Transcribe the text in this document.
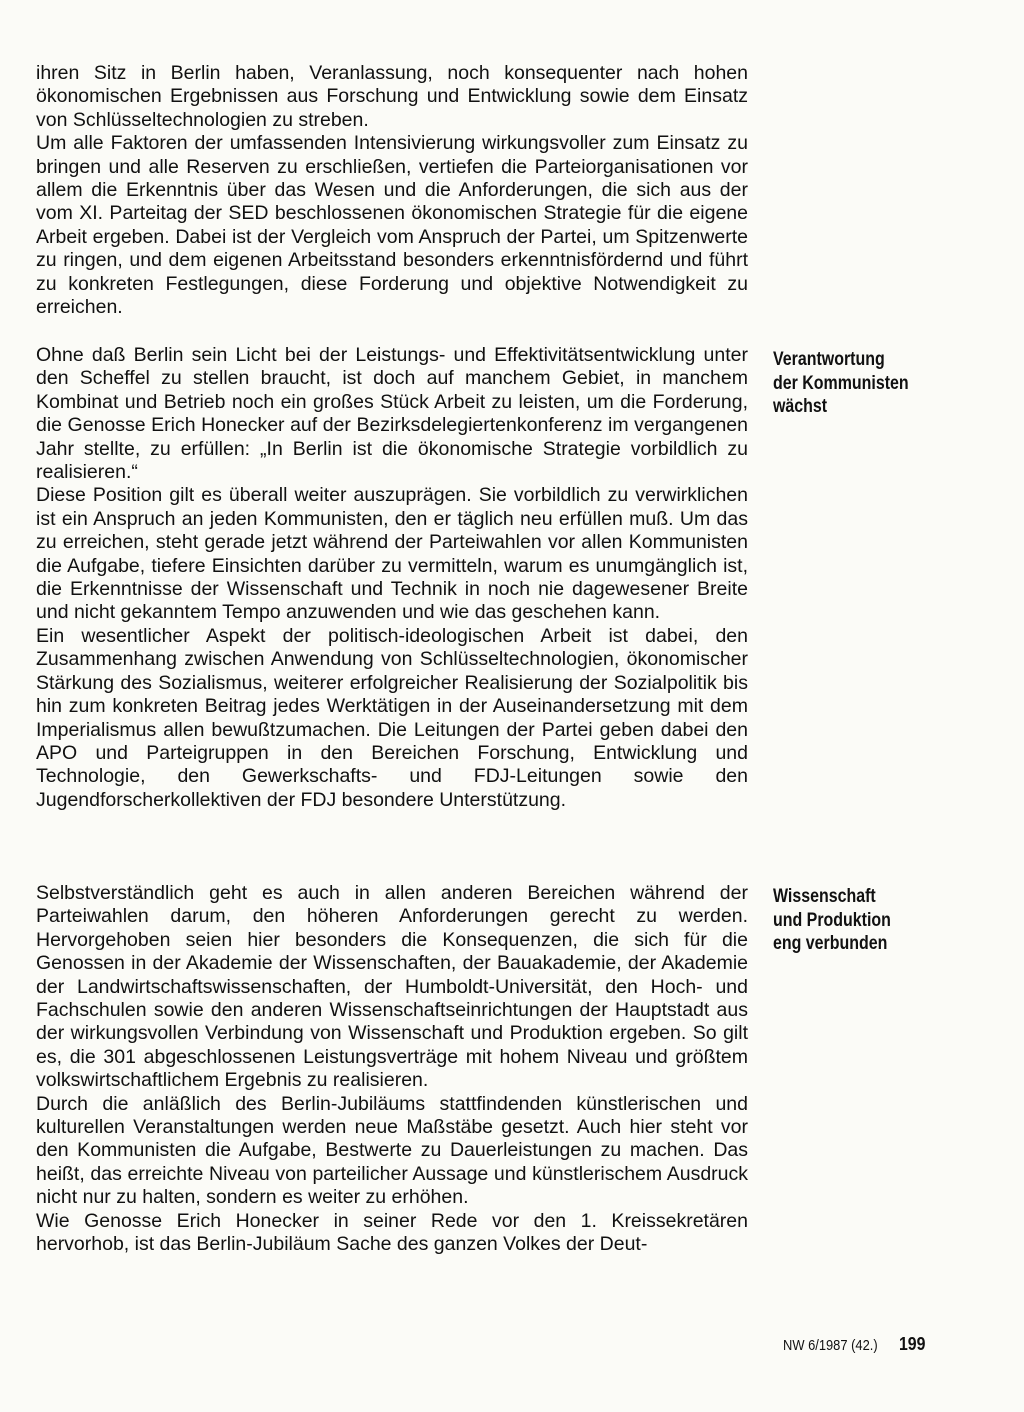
ihren Sitz in Berlin haben, Veranlassung, noch konsequenter nach hohen ökonomischen Ergebnissen aus Forschung und Entwicklung sowie dem Einsatz von Schlüsseltechnologien zu streben.

Um alle Faktoren der umfassenden Intensivierung wirkungsvoller zum Einsatz zu bringen und alle Reserven zu erschließen, vertiefen die Parteiorganisationen vor allem die Erkenntnis über das Wesen und die Anforderungen, die sich aus der vom XI. Parteitag der SED beschlossenen ökonomischen Strategie für die eigene Arbeit ergeben. Dabei ist der Vergleich vom Anspruch der Partei, um Spitzenwerte zu ringen, und dem eigenen Arbeitsstand besonders erkenntnisfördernd und führt zu konkreten Festlegungen, diese Forderung und objektive Notwendigkeit zu erreichen.

Verantwortung
der Kommunisten
wächst

Ohne daß Berlin sein Licht bei der Leistungs- und Effektivitätsentwicklung unter den Scheffel zu stellen braucht, ist doch auf manchem Gebiet, in manchem Kombinat und Betrieb noch ein großes Stück Arbeit zu leisten, um die Forderung, die Genosse Erich Honecker auf der Bezirksdelegiertenkonferenz im vergangenen Jahr stellte, zu erfüllen: „In Berlin ist die ökonomische Strategie vorbildlich zu realisieren.“

Diese Position gilt es überall weiter auszuprägen. Sie vorbildlich zu verwirklichen ist ein Anspruch an jeden Kommunisten, den er täglich neu erfüllen muß. Um das zu erreichen, steht gerade jetzt während der Parteiwahlen vor allen Kommunisten die Aufgabe, tiefere Einsichten darüber zu vermitteln, warum es unumgänglich ist, die Erkenntnisse der Wissenschaft und Technik in noch nie dagewesener Breite und nicht gekanntem Tempo anzuwenden und wie das geschehen kann.

Ein wesentlicher Aspekt der politisch-ideologischen Arbeit ist dabei, den Zusammenhang zwischen Anwendung von Schlüsseltechnologien, ökonomischer Stärkung des Sozialismus, weiterer erfolgreicher Realisierung der Sozialpolitik bis hin zum konkreten Beitrag jedes Werktätigen in der Auseinandersetzung mit dem Imperialismus allen bewußtzumachen. Die Leitungen der Partei geben dabei den APO und Parteigruppen in den Bereichen Forschung, Entwicklung und Technologie, den Gewerkschafts- und FDJ-Leitungen sowie den Jugendforscherkollektiven der FDJ besondere Unterstützung.

Wissenschaft
und Produktion
eng verbunden

Selbstverständlich geht es auch in allen anderen Bereichen während der Parteiwahlen darum, den höheren Anforderungen gerecht zu werden. Hervorgehoben seien hier besonders die Konsequenzen, die sich für die Genossen in der Akademie der Wissenschaften, der Bauakademie, der Akademie der Landwirtschaftswissenschaften, der Humboldt-Universität, den Hoch- und Fachschulen sowie den anderen Wissenschaftseinrichtungen der Hauptstadt aus der wirkungsvollen Verbindung von Wissenschaft und Produktion ergeben. So gilt es, die 301 abgeschlossenen Leistungsverträge mit hohem Niveau und größtem volkswirtschaftlichem Ergebnis zu realisieren.

Durch die anläßlich des Berlin-Jubiläums stattfindenden künstlerischen und kulturellen Veranstaltungen werden neue Maßstäbe gesetzt. Auch hier steht vor den Kommunisten die Aufgabe, Bestwerte zu Dauerleistungen zu machen. Das heißt, das erreichte Niveau von parteilicher Aussage und künstlerischem Ausdruck nicht nur zu halten, sondern es weiter zu erhöhen.

Wie Genosse Erich Honecker in seiner Rede vor den 1. Kreissekretären hervorhob, ist das Berlin-Jubiläum Sache des ganzen Volkes der Deut-

NW 6/1987 (42.) 199
